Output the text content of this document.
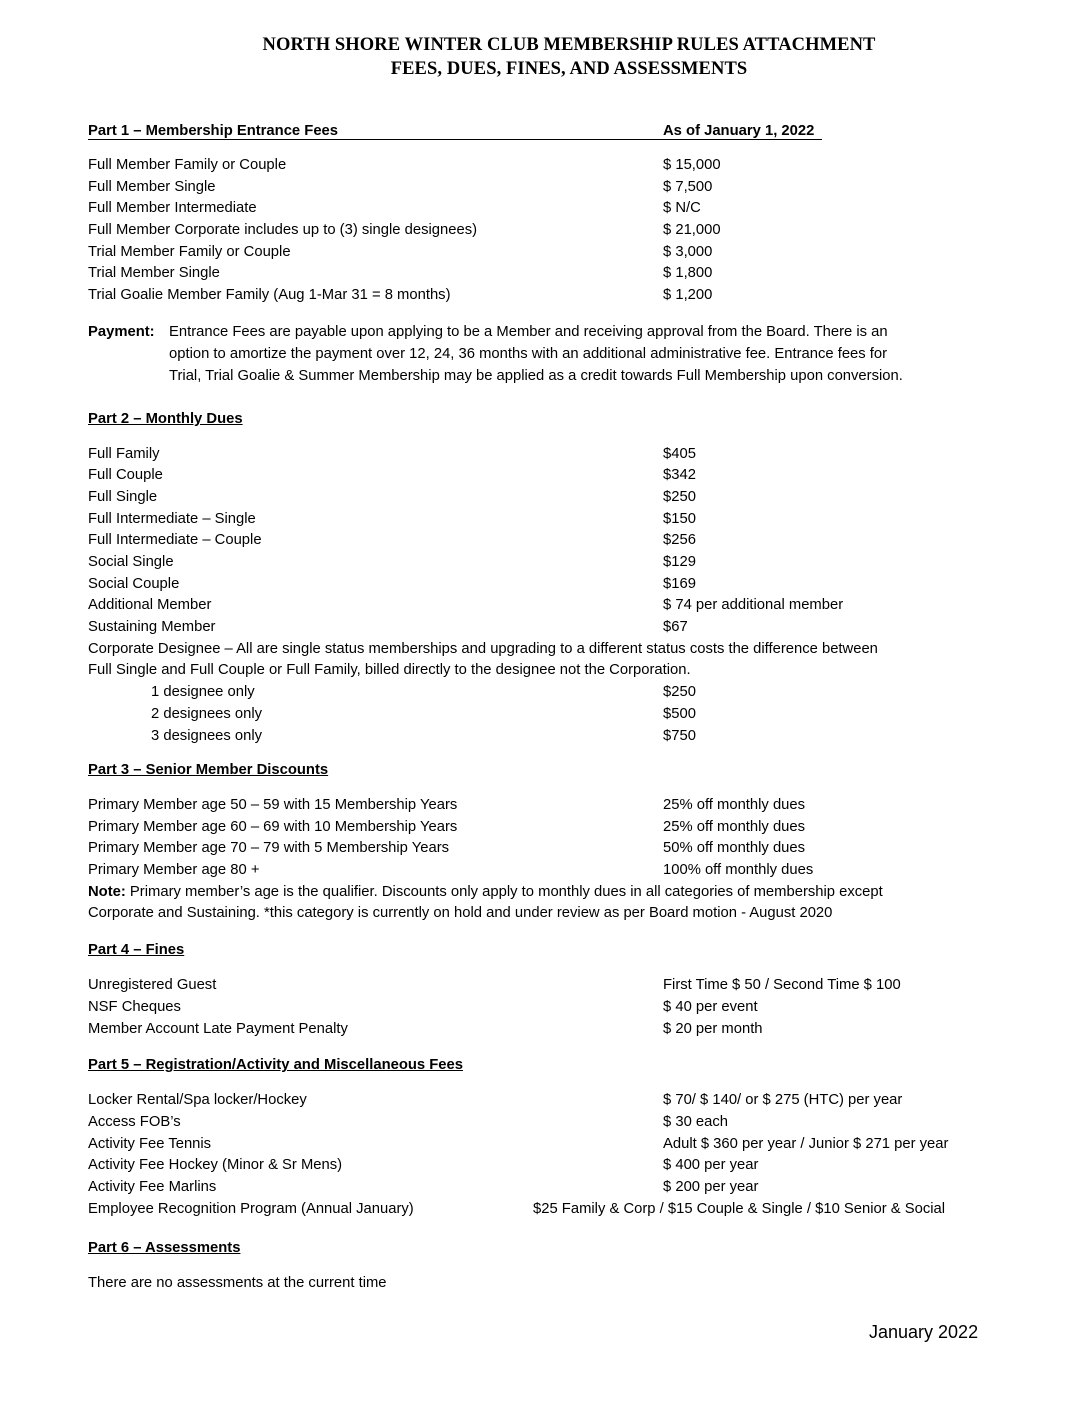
NORTH SHORE WINTER CLUB MEMBERSHIP RULES ATTACHMENT
FEES, DUES, FINES, AND ASSESSMENTS
Part 1 – Membership Entrance Fees	As of January 1, 2022
Full Member Family or Couple	$ 15,000
Full Member Single	$ 7,500
Full Member Intermediate	$ N/C
Full Member Corporate includes up to (3) single designees)	$ 21,000
Trial Member Family or Couple	$ 3,000
Trial Member Single	$ 1,800
Trial Goalie Member Family (Aug 1-Mar 31 = 8 months)	$ 1,200
Payment: Entrance Fees are payable upon applying to be a Member and receiving approval from the Board. There is an
option to amortize the payment over 12, 24, 36 months with an additional administrative fee. Entrance fees for
Trial, Trial Goalie & Summer Membership may be applied as a credit towards Full Membership upon conversion.
Part 2 – Monthly Dues
Full Family	$405
Full Couple	$342
Full Single	$250
Full Intermediate – Single	$150
Full Intermediate – Couple	$256
Social Single	$129
Social Couple	$169
Additional Member	$ 74 per additional member
Sustaining Member	$67
Corporate Designee – All are single status memberships and upgrading to a different status costs the difference between
Full Single and Full Couple or Full Family, billed directly to the designee not the Corporation.
1 designee only	$250
2 designees only	$500
3 designees only	$750
Part 3 – Senior Member Discounts
Primary Member age 50 – 59 with 15 Membership Years	25% off monthly dues
Primary Member age 60 – 69 with 10 Membership Years	25% off monthly dues
Primary Member age 70 – 79 with 5 Membership Years	50% off monthly dues
Primary Member age 80 +	100% off monthly dues
Note: Primary member’s age is the qualifier. Discounts only apply to monthly dues in all categories of membership except
Corporate and Sustaining. *this category is currently on hold and under review as per Board motion - August 2020
Part 4 – Fines
Unregistered Guest	First Time $ 50 / Second Time $ 100
NSF Cheques	$ 40 per event
Member Account Late Payment Penalty	$ 20 per month
Part 5 – Registration/Activity and Miscellaneous Fees
Locker Rental/Spa locker/Hockey	$ 70/ $ 140/ or $ 275 (HTC) per year
Access FOB’s	$ 30 each
Activity Fee Tennis	Adult $ 360 per year / Junior $ 271 per year
Activity Fee Hockey (Minor & Sr Mens)	$ 400 per year
Activity Fee Marlins	$ 200 per year
Employee Recognition Program (Annual January)	$25 Family & Corp / $15 Couple & Single / $10 Senior & Social
Part 6 – Assessments
There are no assessments at the current time
January 2022
